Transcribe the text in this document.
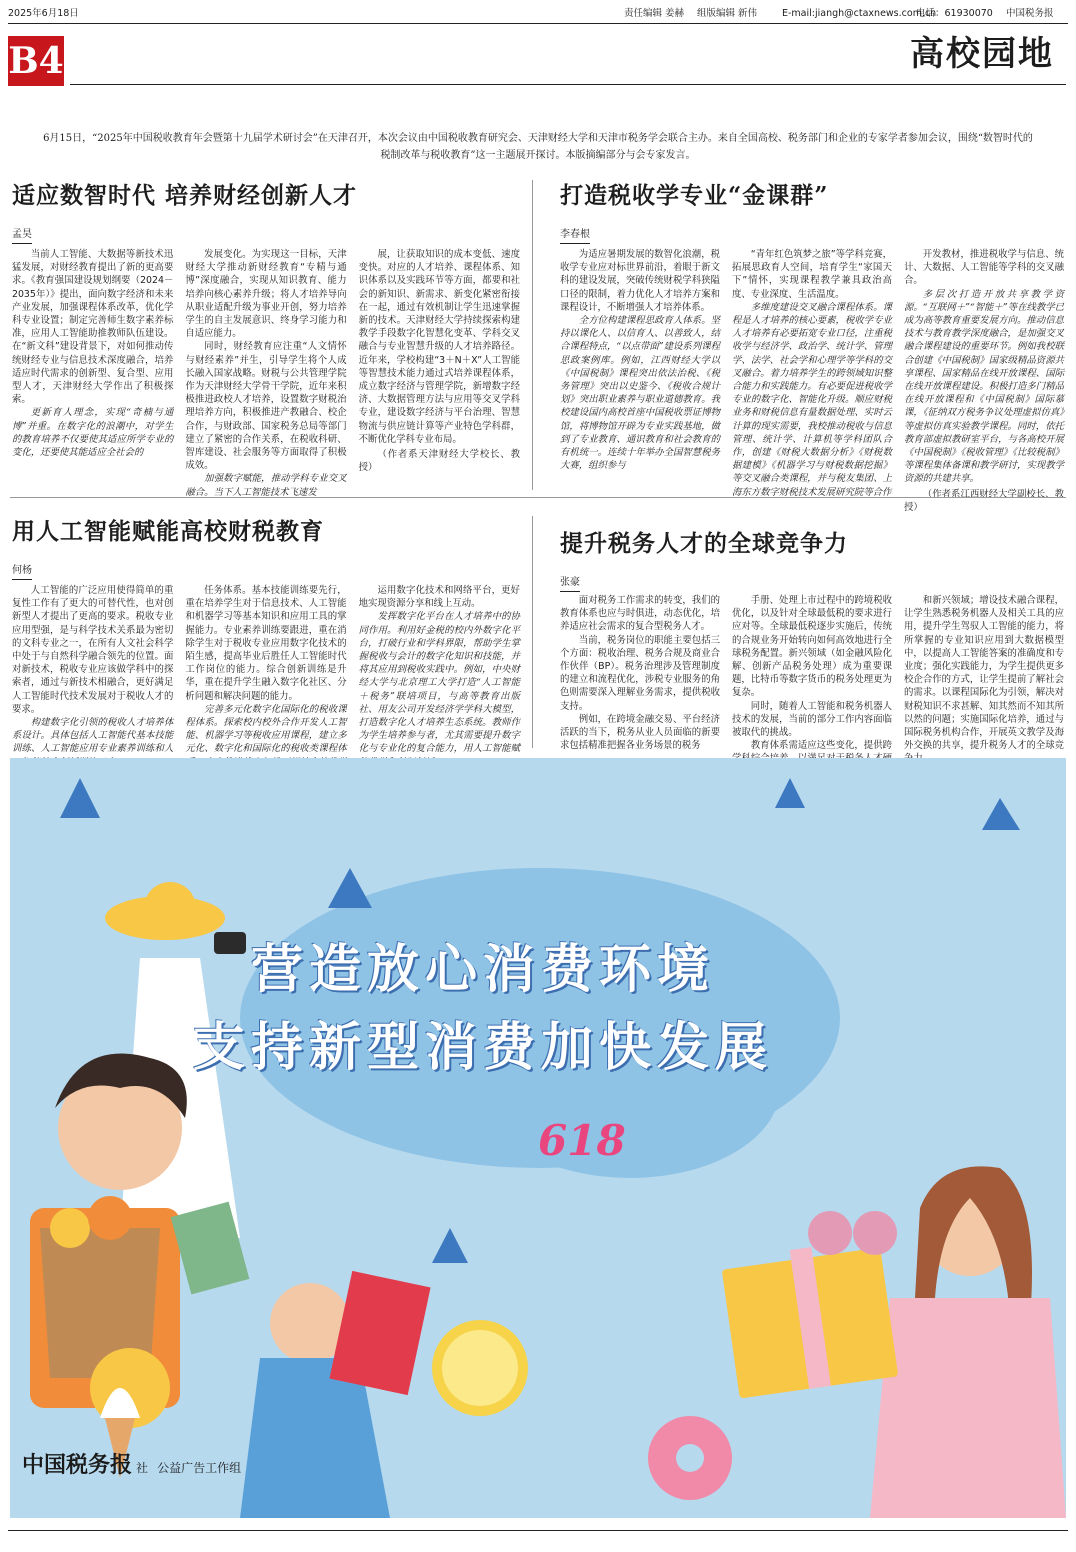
2025年6月18日	责任编辑 姜赫 组版编辑 新伟	E-mail:jiangh@ctaxnews.com.cn
电话：61930070 中国税务报
B4	高校园地
6月15日，“2025年中国税收教育年会暨第十九届学术研讨会”在天津召开，本次会议由中国税收教育研究会、天津财经大学和天津市税务学会联合主办。来自全国高校、税务部门和企业的专家学者参加会议，围绕“数智时代的税制改革与税收教育”这一主题展开探讨。本版摘编部分与会专家发言。
适应数智时代 培养财经创新人才
孟昊

当前人工智能、大数据等新技术迅猛发展，对财经教育提出了新的更高要求。《教育强国建设规划纲要（2024－2035年）》提出，面向数字经济和未来产业发展，加强课程体系改革，优化学科专业设置；制定完善师生数字素养标准，应用人工智能助推教师队伍建设。在“新文科”建设背景下，对如何推动传统财经专业与信息技术深度融合，培养适应时代需求的创新型、复合型、应用型人才，天津财经大学作出了积极探索。

更新育人理念，实现“奇楠与通博”并重。在数字化的浪潮中，对学生的教育培养不仅要使其适应所学专业的变化，还要使其能适应全社会的

发展变化。为实现这一目标，天津财经大学推动新财经教育“专精与通博”深度融合，实现从知识教育、能力培养向核心素养升级；将人才培养导向从职业适配升级为事业开创，努力培养学生的自主发展意识、终身学习能力和自适应能力。

同时，财经教育应注重“人文情怀与财经素养”并生，引导学生将个人成长融入国家战略。财税与公共管理学院作为天津财经大学骨干学院，近年来积极推进政校人才培养，设置数字财税治理培养方向，积极推进产教融合、校企合作，与财政部、国家税务总局等部门建立了紧密的合作关系，在税收科研、智库建设、社会服务等方面取得了积极成效。

加强数字赋能，推动学科专业交叉融合。当下人工智能技术飞速发

展，让获取知识的成本变低、速度变快。对应的人才培养、课程体系、知识体系以及实践环节等方面，都要和社会的新知识、新需求、新变化紧密衔接在一起，通过有效机制让学生迅速掌握新的技术。天津财经大学持续探索构建教学手段数字化智慧化变革、学科交叉融合与专业智慧升级的人才培养路径。近年来，学校构建“3＋N＋X”人工智能等智慧技术能力通过式培养课程体系，成立数字经济与管理学院，新增数字经济、大数据管理方法与应用等交叉学科专业，建设数字经济与平台治理、智慧物流与供应链计算等产业特色学科群，不断优化学科专业布局。

（作者系天津财经大学校长、教授）

打造税收学专业“金课群”
李春根

为适应暑期发展的数智化浪潮，税收学专业应对标世界前沿，着眼于新文科的建设发展，突破传统财税学科狭隘口径的限制，着力优化人才培养方案和课程设计，不断增强人才培养体系。

全方位构建课程思政育人体系。坚持以课化人、以信育人、以善致人，结合课程特点，“以点带面”建设系列课程思政案例库。例如，江西财经大学以《中国税制》课程突出依法治税、《税务管理》突出以史鉴今、《税收合规计划》突出职业素养与职业道德教育。我校建设国内高校首座中国税收票证博物馆，将博物馆开辟为专业实践基地，做到了专业教育、通识教育和社会教育的有机统一。连续十年举办全国智慧税务大赛，组织参与

“青年红色筑梦之旅”等学科竞赛，拓展思政育人空间，培育学生“家国天下”情怀，实现课程教学兼具政治高度、专业深度、生活温度。

多维度建设交叉融合课程体系。课程是人才培养的核心要素，税收学专业人才培养有必要拓宽专业口径，注重税收学与经济学、政治学、统计学、管理学、法学、社会学和心理学等学科的交叉融合。着力培养学生的跨领域知识整合能力和实践能力。有必要促进税收学专业的数字化、智能化升级。顺应财税业务和财税信息有量数据处理、实时云计算的现实需要，我校推动税收与信息管理、统计学、计算机等学科团队合作，创建《财税大数据分析》《财税数据建模》《机器学习与财税数据挖掘》等交叉融合类课程，并与税友集团、上海东方数字财税技术发展研究院等合作

开发教材，推进税收学与信息、统计、大数据、人工智能等学科的交叉融合。

多层次打造开放共享教学资源。“互联网＋”“智能＋”等在线教学已成为高等教育重要发展方向。推动信息技术与教育教学深度融合，是加强交叉融合课程建设的重要环节。例如我校联合创建《中国税制》国家级精品资源共享课程、国家精品在线开放课程、国际在线开放课程建设。积极打造多门精品在线开放课程和《中国税制》国际慕课，《征纳双方税务争议处理虚拟仿真》等虚拟仿真实验教学课程。同时，依托教育部虚拟教研室平台，与各高校开展《中国税制》《税收管理》《比较税制》等课程集体备课和教学研讨，实现教学资源的共建共享。

（作者系江西财经大学副校长、教授）

用人工智能赋能高校财税教育
何杨

人工智能的广泛应用使得简单的重复性工作有了更大的可替代性，也对创新型人才提出了更高的要求。税收专业应用型强，是与科学技术关系最为密切的文科专业之一，在所有人文社会科学中处于与自然科学融合领先的位置。面对新技术，税收专业应该做学科中的探索者，通过与新技术相融合，更好满足人工智能时代技术发展对于税收人才的要求。

构建数字化引领的税收人才培养体系设计。具体包括人工智能代基本技能训练、人工智能应用专业素养训练和人

任务体系。基本技能训练要先行，重在培养学生对于信息技术、人工智能和机器学习等基本知识和应用工具的掌握能力。专业素养训练要跟进，重在消除学生对于税收专业应用数字化技术的陌生感，提高毕业后胜任人工智能时代工作岗位的能力。综合创新训练是升华，重在提升学生融入数字化社区、分析问题和解决问题的能力。

完善多元化数字化国际化的税收课程体系。探索校内校外合作开发人工智能、机器学习等税收应用课程，建立多元化、数字化和国际化的税收类课程体

运用数字化技术和网络平台，更好地实现资源分享和线上互动。

发挥数字化平台在人才培养中的协同作用。利用好金税的校内外数字化平台，打破行业和学科界限，帮助学生掌握税收与会计的数字化知识和技能，并将其应用到税收实践中。例如，中央财经大学与北京理工大学打造“人工智能＋税务”联培项目，与高等教育出版社、用友公司开发经济学学科大模型，打造数字化人才培养生态系统。教师作为学生培养参与者，尤其需要提升数字化与专业化的复合能力，用人工智能赋

提升税务人才的全球竞争力
张豪

面对税务工作需求的转变，我们的教育体系也应与时俱进，动态优化，培养适应社会需求的复合型税务人才。

当前，税务岗位的职能主要包括三个方面：税收治理、税务合规及商业合作伙伴（BP）。税务治理涉及管理制度的建立和流程优化，涉税专业服务的角色则需要深入理解业务需求，提供税收支持。

例如，在跨境金融交易、平台经济活跃的当下，税务从业人员面临的新要求包括精准把握各业务场景的税务

手册、处理上市过程中的跨境税收优化，以及针对全球最低税的要求进行应对等。全球最低税逐步实施后，传统的合规业务开始转向如何高效地进行全球税务配置。新兴领域（如金融风险化解、创新产品税务处理）成为重要课题，比特币等数字货币的税务处理更为复杂。

同时，随着人工智能和税务机器人技术的发展，当前的部分工作内容面临被取代的挑战。

教育体系需适应这些变化，提供跨

和新兴领域；增设技术融合课程，让学生熟悉税务机器人及相关工具的应用，提升学生驾驭人工智能的能力，将所掌握的专业知识应用到大数据模型中，以提高人工智能答案的准确度和专业度；强化实践能力，为学生提供更多校企合作的方式，让学生提前了解社会的需求。以课程国际化为引领，解决对财税知识不求甚解、知其然而不知其所以然的问题；实施国际化培养，通过与国际税务机构合作，开展英文教学及海外交换的共享，提升税务人才的全球竞

营造放心消费环境
支持新型消费加快发展
618
中国税务报 社 公益广告工作组
